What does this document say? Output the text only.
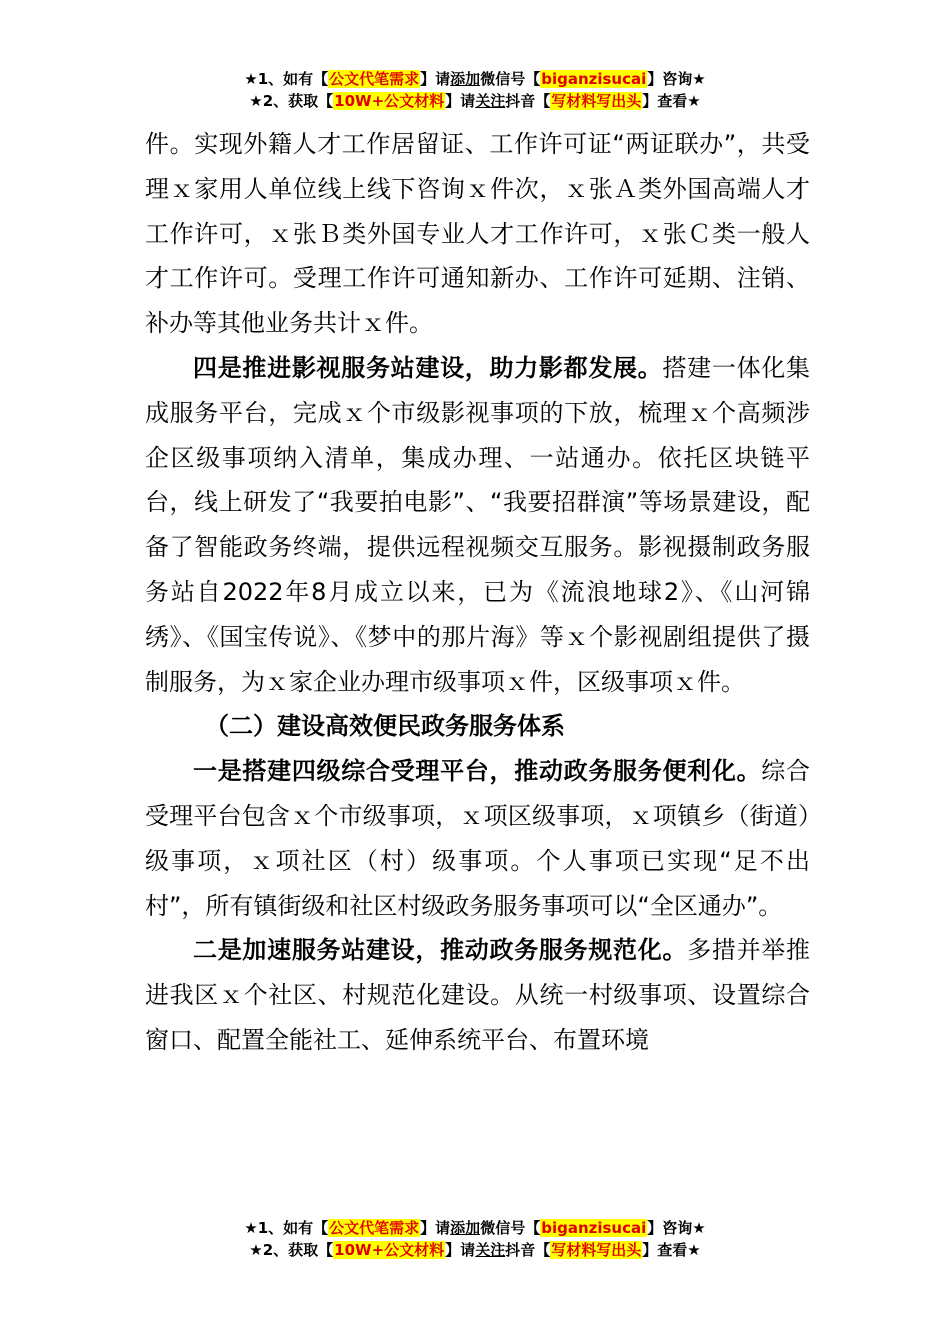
★1、如有【公文代笔需求】请添加微信号【biganzisucai】咨询★
★2、获取【10W+公文材料】请关注抖音【写材料写出头】查看★

件。实现外籍人才工作居留证、工作许可证“两证联办”，共受理ｘ家用人单位线上线下咨询ｘ件次，ｘ张Ａ类外国高端人才工作许可，ｘ张Ｂ类外国专业人才工作许可，ｘ张Ｃ类一般人才工作许可。受理工作许可通知新办、工作许可延期、注销、补办等其他业务共计ｘ件。

四是推进影视服务站建设，助力影都发展。搭建一体化集成服务平台，完成ｘ个市级影视事项的下放，梳理ｘ个高频涉企区级事项纳入清单，集成办理、一站通办。依托区块链平台，线上研发了“我要拍电影”、“我要招群演”等场景建设，配备了智能政务终端，提供远程视频交互服务。影视摄制政务服务站自2022年8月成立以来，已为《流浪地球2》、《山河锦绣》、《国宝传说》、《梦中的那片海》等ｘ个影视剧组提供了摄制服务，为ｘ家企业办理市级事项ｘ件，区级事项ｘ件。

（二）建设高效便民政务服务体系

一是搭建四级综合受理平台，推动政务服务便利化。综合受理平台包含ｘ个市级事项，ｘ项区级事项，ｘ项镇乡（街道）级事项，ｘ项社区（村）级事项。个人事项已实现“足不出村”，所有镇街级和社区村级政务服务事项可以“全区通办”。

二是加速服务站建设，推动政务服务规范化。多措并举推进我区ｘ个社区、村规范化建设。从统一村级事项、设置综合窗口、配置全能社工、延伸系统平台、布置环境

★1、如有【公文代笔需求】请添加微信号【biganzisucai】咨询★
★2、获取【10W+公文材料】请关注抖音【写材料写出头】查看★
